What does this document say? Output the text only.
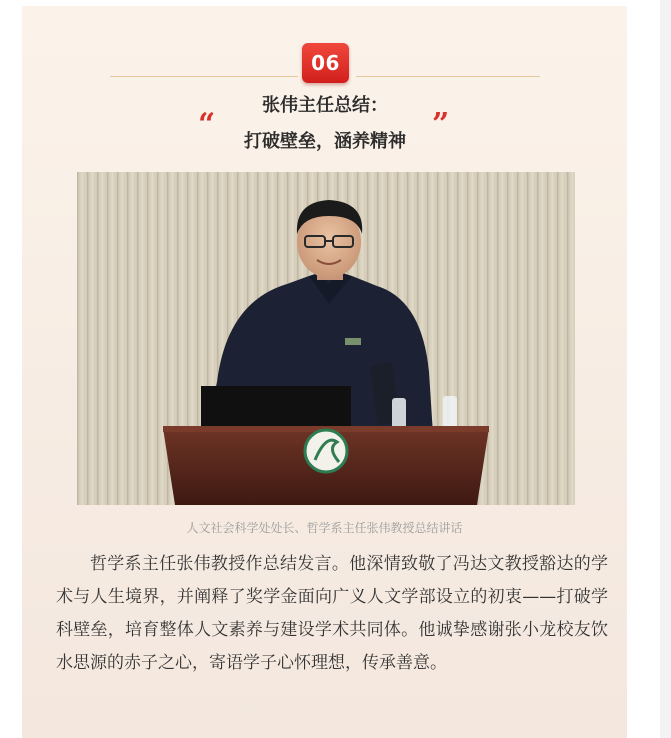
06
“
张伟主任总结：
打破壁垒，涵养精神 ”
人文社会科学处处长、哲学系主任张伟教授总结讲话

哲学系主任张伟教授作总结发言。他深情致敬了冯达文教授豁达的学术与人生境界，并阐释了奖学金面向广义人文学部设立的初衷——打破学科壁垒，培育整体人文素养与建设学术共同体。他诚挚感谢张小龙校友饮水思源的赤子之心，寄语学子心怀理想，传承善意。
